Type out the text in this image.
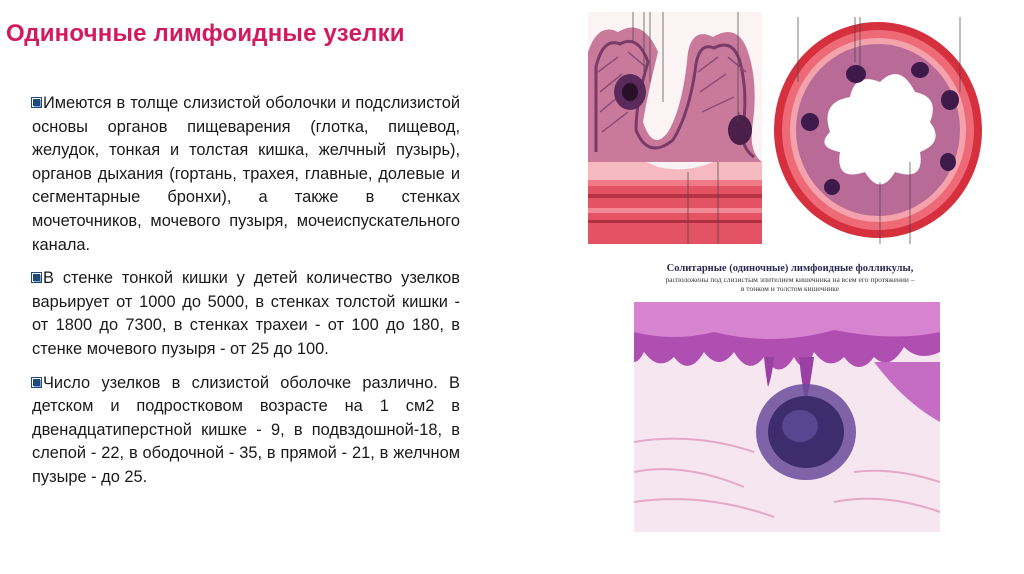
Одиночные лимфоидные узелки
Имеются в толще слизистой оболочки и подслизистой основы органов пищеварения (глотка, пищевод, желудок, тонкая и толстая кишка, желчный пузырь), органов дыхания (гортань, трахея, главные, долевые и сегментарные бронхи), а также в стенках мочеточников, мочевого пузыря, мочеиспускательного канала.
В стенке тонкой кишки у детей количество узелков варьирует от 1000 до 5000, в стенках толстой кишки - от 1800 до 7300, в стенках трахеи - от 100 до 180, в стенке мочевого пузыря - от 25 до 100.
Число узелков в слизистой оболочке различно. В детском и подростковом возрасте на 1 см2 в двенадцатиперстной кишке - 9, в подвздошной-18, в слепой - 22, в ободочной - 35, в прямой - 21, в желчном пузыре - до 25.
Солитарные (одиночные) лимфоидные фолликулы,
расположены под слизистым эпителием кишечника на всем его протяжении –
в тонком и толстом кишечнике
